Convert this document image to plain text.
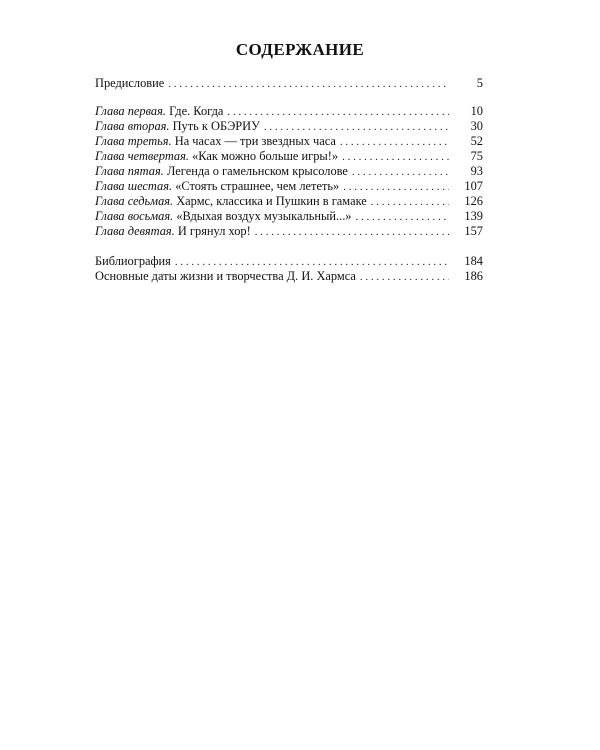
СОДЕРЖАНИЕ
Предисловие . . .	5
Глава первая. Где. Когда . . .	10
Глава вторая. Путь к ОБЭРИУ . . .	30
Глава третья. На часах — три звездных часа . . .	52
Глава четвертая. «Как можно больше игры!» . . .	75
Глава пятая. Легенда о гамельнском крысолове . . .	93
Глава шестая. «Стоять страшнее, чем лететь» . . .	107
Глава седьмая. Хармс, классика и Пушкин в гамаке . . .	126
Глава восьмая. «Вдыхая воздух музыкальный...» . . .	139
Глава девятая. И грянул хор! . . .	157
Библиография . . .	184
Основные даты жизни и творчества Д. И. Хармса . . .	186
